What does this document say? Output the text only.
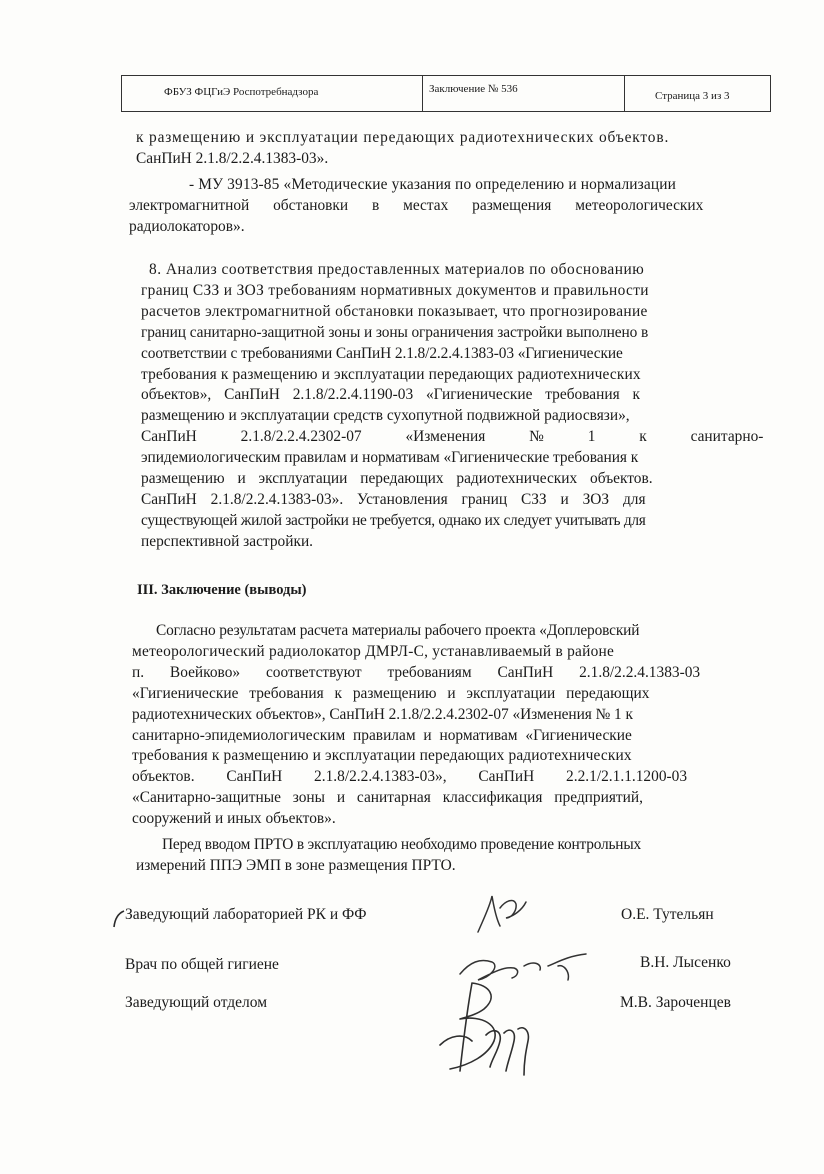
ФБУЗ ФЦГиЭ Роспотребнадзора	Заключение № 536
Страница 3 из 3
к размещению и эксплуатации передающих радиотехнических объектов.
СанПиН 2.1.8/2.2.4.1383-03».
- МУ 3913-85 «Методические указания по определению и нормализации
электромагнитной обстановки в местах размещения метеорологических
радиолокаторов».
8. Анализ соответствия предоставленных материалов по обоснованию
границ СЗЗ и ЗОЗ требованиям нормативных документов и правильности
расчетов электромагнитной обстановки показывает, что прогнозирование
границ санитарно-защитной зоны и зоны ограничения застройки выполнено в
соответствии с требованиями СанПиН 2.1.8/2.2.4.1383-03 «Гигиенические
требования к размещению и эксплуатации передающих радиотехнических
объектов», СанПиН 2.1.8/2.2.4.1190-03 «Гигиенические требования к
размещению и эксплуатации средств сухопутной подвижной радиосвязи»,
СанПиН 2.1.8/2.2.4.2302-07 «Изменения № 1 к санитарно-
эпидемиологическим правилам и нормативам «Гигиенические требования к
размещению и эксплуатации передающих радиотехнических объектов.
СанПиН 2.1.8/2.2.4.1383-03». Установления границ СЗЗ и ЗОЗ для
существующей жилой застройки не требуется, однако их следует учитывать для
перспективной застройки.
III. Заключение (выводы)
Согласно результатам расчета материалы рабочего проекта «Доплеровский
метеорологический радиолокатор ДМРЛ-С, устанавливаемый в районе
п. Воейково» соответствуют требованиям СанПиН 2.1.8/2.2.4.1383-03
«Гигиенические требования к размещению и эксплуатации передающих
радиотехнических объектов», СанПиН 2.1.8/2.2.4.2302-07 «Изменения № 1 к
санитарно-эпидемиологическим правилам и нормативам «Гигиенические
требования к размещению и эксплуатации передающих радиотехнических
объектов. СанПиН 2.1.8/2.2.4.1383-03», СанПиН 2.2.1/2.1.1.1200-03
«Санитарно-защитные зоны и санитарная классификация предприятий,
сооружений и иных объектов».
Перед вводом ПРТО в эксплуатацию необходимо проведение контрольных
измерений ППЭ ЭМП в зоне размещения ПРТО.
Заведующий лабораторией РК и ФФ	О.Е. Тутельян
Врач по общей гигиене	В.Н. Лысенко
Заведующий отделом	М.В. Зароченцев
